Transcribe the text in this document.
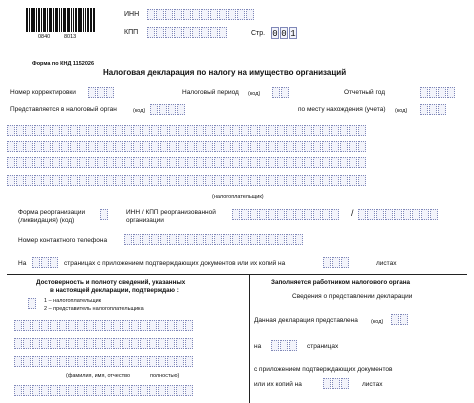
0840	8013
ИНН
КПП	Стр. 0 0 1
Форма по КНД 1152026
Налоговая декларация по налогу на имущество организаций
Номер корректировки	Налоговый период (код)	Отчетный год
Представляется в налоговый орган	(код)	по месту нахождения (учета) (код)
(налогоплательщик)
Форма реорганизации
(ликвидация) (код)
ИНН / КПП реорганизованной
организации
/
Номер контактного телефона
На	страницах с приложением подтверждающих документов или их копий на	листах
Достоверность и полноту сведений, указанных
в настоящей декларации, подтверждаю :
1 – налогоплательщик
2 – представитель налогоплательщика
(фамилия, имя, отчество	полностью)
Заполняется работником налогового органа
Сведения о представлении декларации
Данная декларация представлена (код)
на	страницах
с приложением подтверждающих документов
или их копий на	листах
